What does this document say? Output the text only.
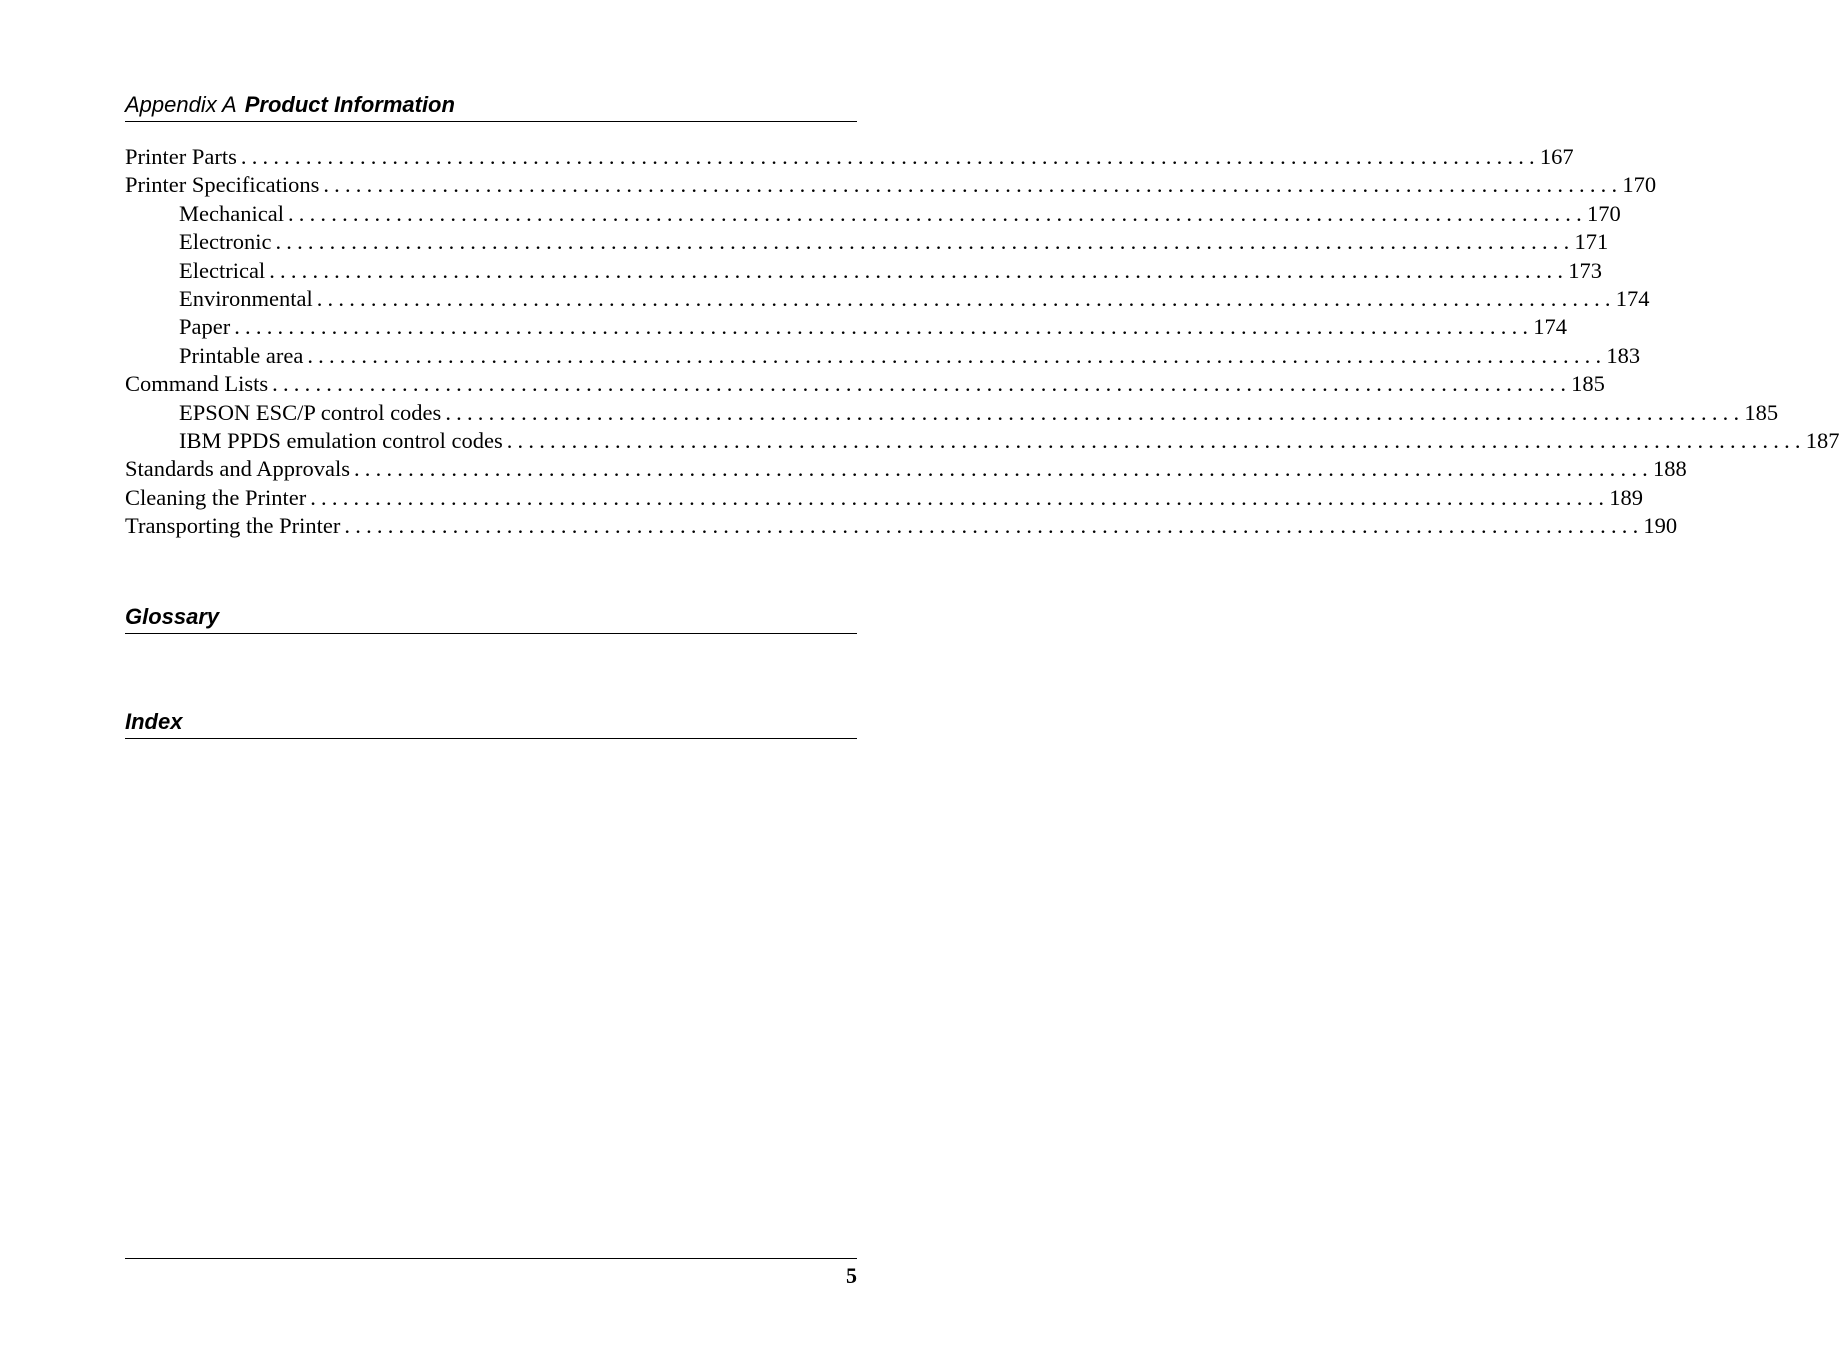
Appendix A Product Information
Printer Parts ........................................................................................................................ 167
Printer Specifications ........................................................................................................................ 170
Mechanical ........................................................................................................................ 170
Electronic ........................................................................................................................ 171
Electrical ........................................................................................................................ 173
Environmental ........................................................................................................................ 174
Paper ........................................................................................................................ 174
Printable area ........................................................................................................................ 183
Command Lists ........................................................................................................................ 185
EPSON ESC/P control codes ........................................................................................................................ 185
IBM PPDS emulation control codes ........................................................................................................................ 187
Standards and Approvals ........................................................................................................................ 188
Cleaning the Printer ........................................................................................................................ 189
Transporting the Printer ........................................................................................................................ 190
Glossary
Index
5
